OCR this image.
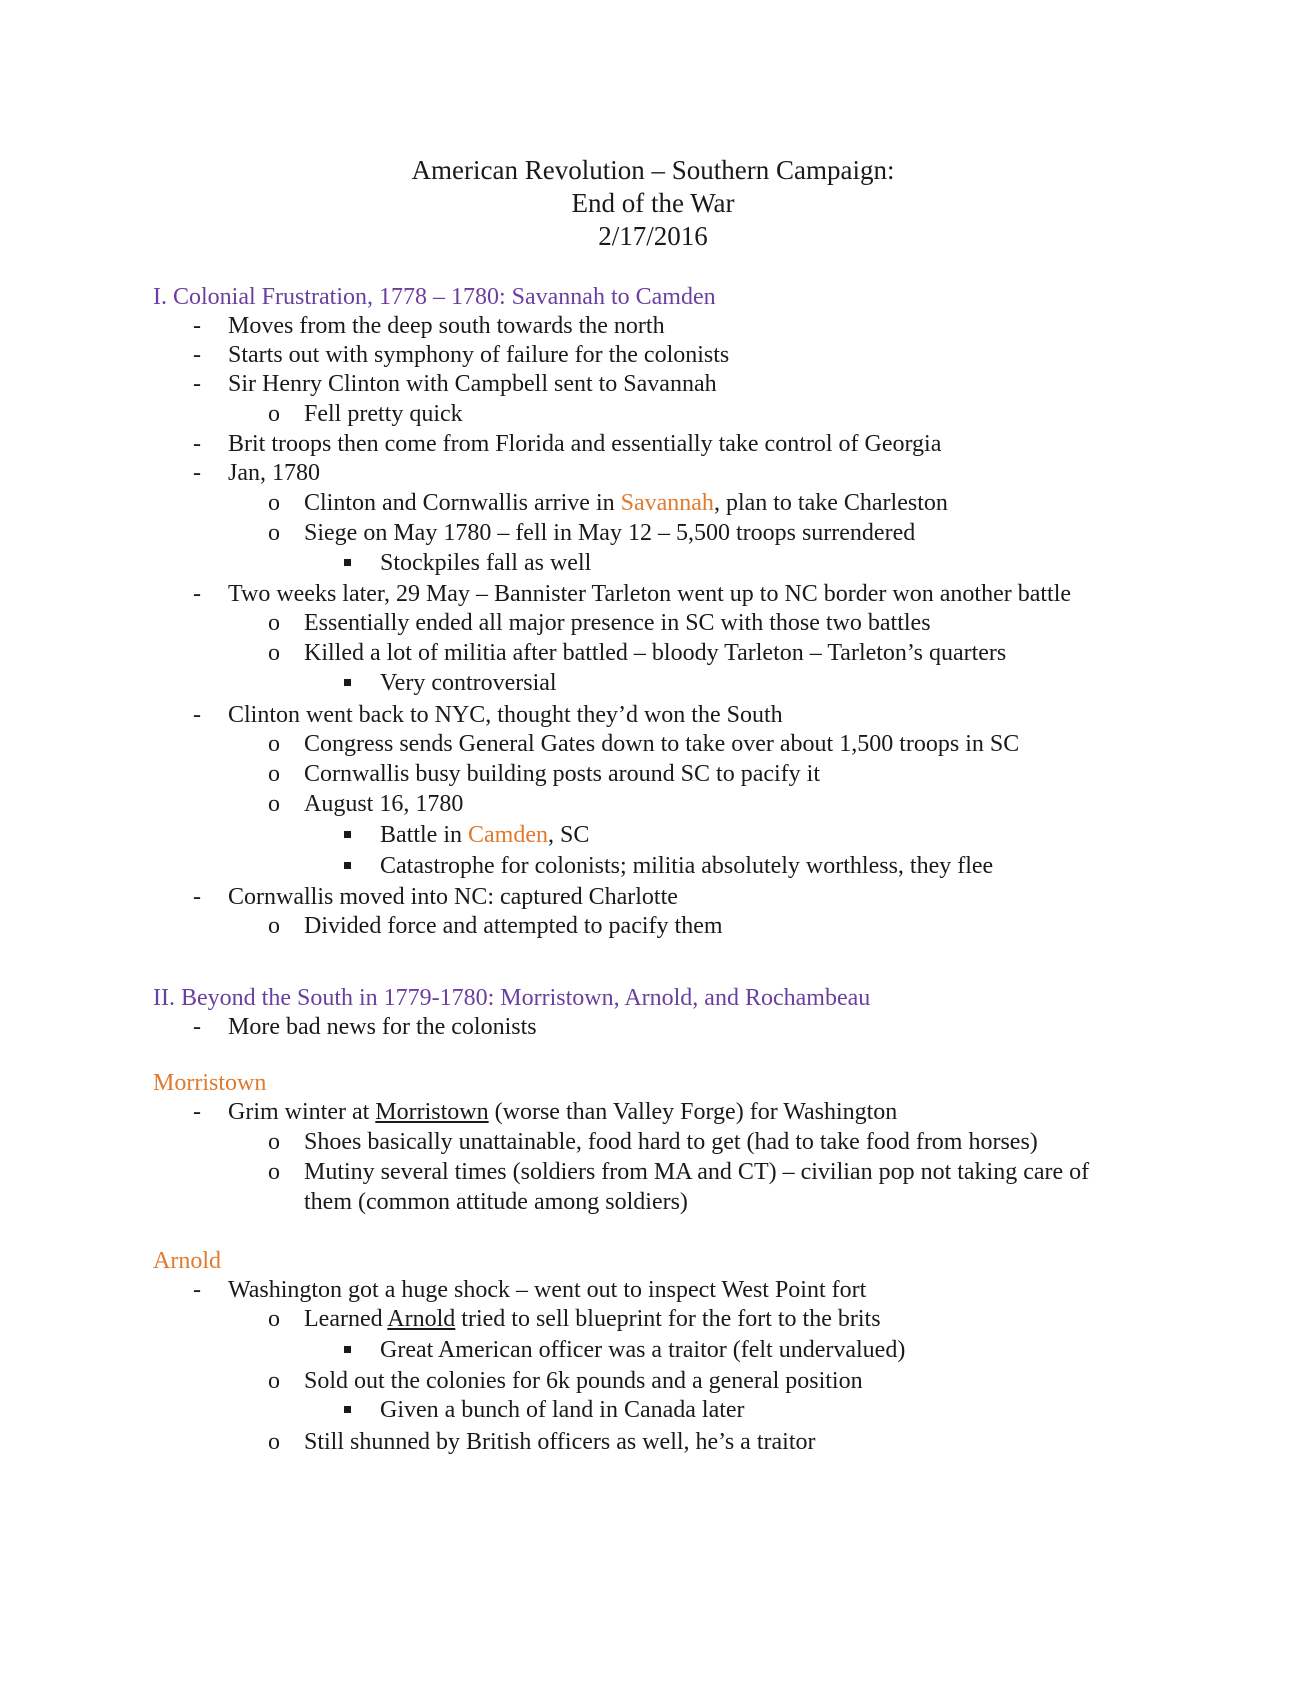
American Revolution – Southern Campaign:
End of the War
2/17/2016
I. Colonial Frustration, 1778 – 1780: Savannah to Camden
- Moves from the deep south towards the north
- Starts out with symphony of failure for the colonists
- Sir Henry Clinton with Campbell sent to Savannah
o Fell pretty quick
- Brit troops then come from Florida and essentially take control of Georgia
- Jan, 1780
o Clinton and Cornwallis arrive in Savannah, plan to take Charleston
o Siege on May 1780 – fell in May 12 – 5,500 troops surrendered
Stockpiles fall as well
- Two weeks later, 29 May – Bannister Tarleton went up to NC border won another battle
o Essentially ended all major presence in SC with those two battles
o Killed a lot of militia after battled – bloody Tarleton – Tarleton’s quarters
Very controversial
- Clinton went back to NYC, thought they’d won the South
o Congress sends General Gates down to take over about 1,500 troops in SC
o Cornwallis busy building posts around SC to pacify it
o August 16, 1780
Battle in Camden, SC
Catastrophe for colonists; militia absolutely worthless, they flee
- Cornwallis moved into NC: captured Charlotte
o Divided force and attempted to pacify them
II. Beyond the South in 1779-1780: Morristown, Arnold, and Rochambeau
- More bad news for the colonists
Morristown
- Grim winter at Morristown (worse than Valley Forge) for Washington
o Shoes basically unattainable, food hard to get (had to take food from horses)
o Mutiny several times (soldiers from MA and CT) – civilian pop not taking care of
them (common attitude among soldiers)
Arnold
- Washington got a huge shock – went out to inspect West Point fort
o Learned Arnold tried to sell blueprint for the fort to the brits
Great American officer was a traitor (felt undervalued)
o Sold out the colonies for 6k pounds and a general position
Given a bunch of land in Canada later
o Still shunned by British officers as well, he’s a traitor
